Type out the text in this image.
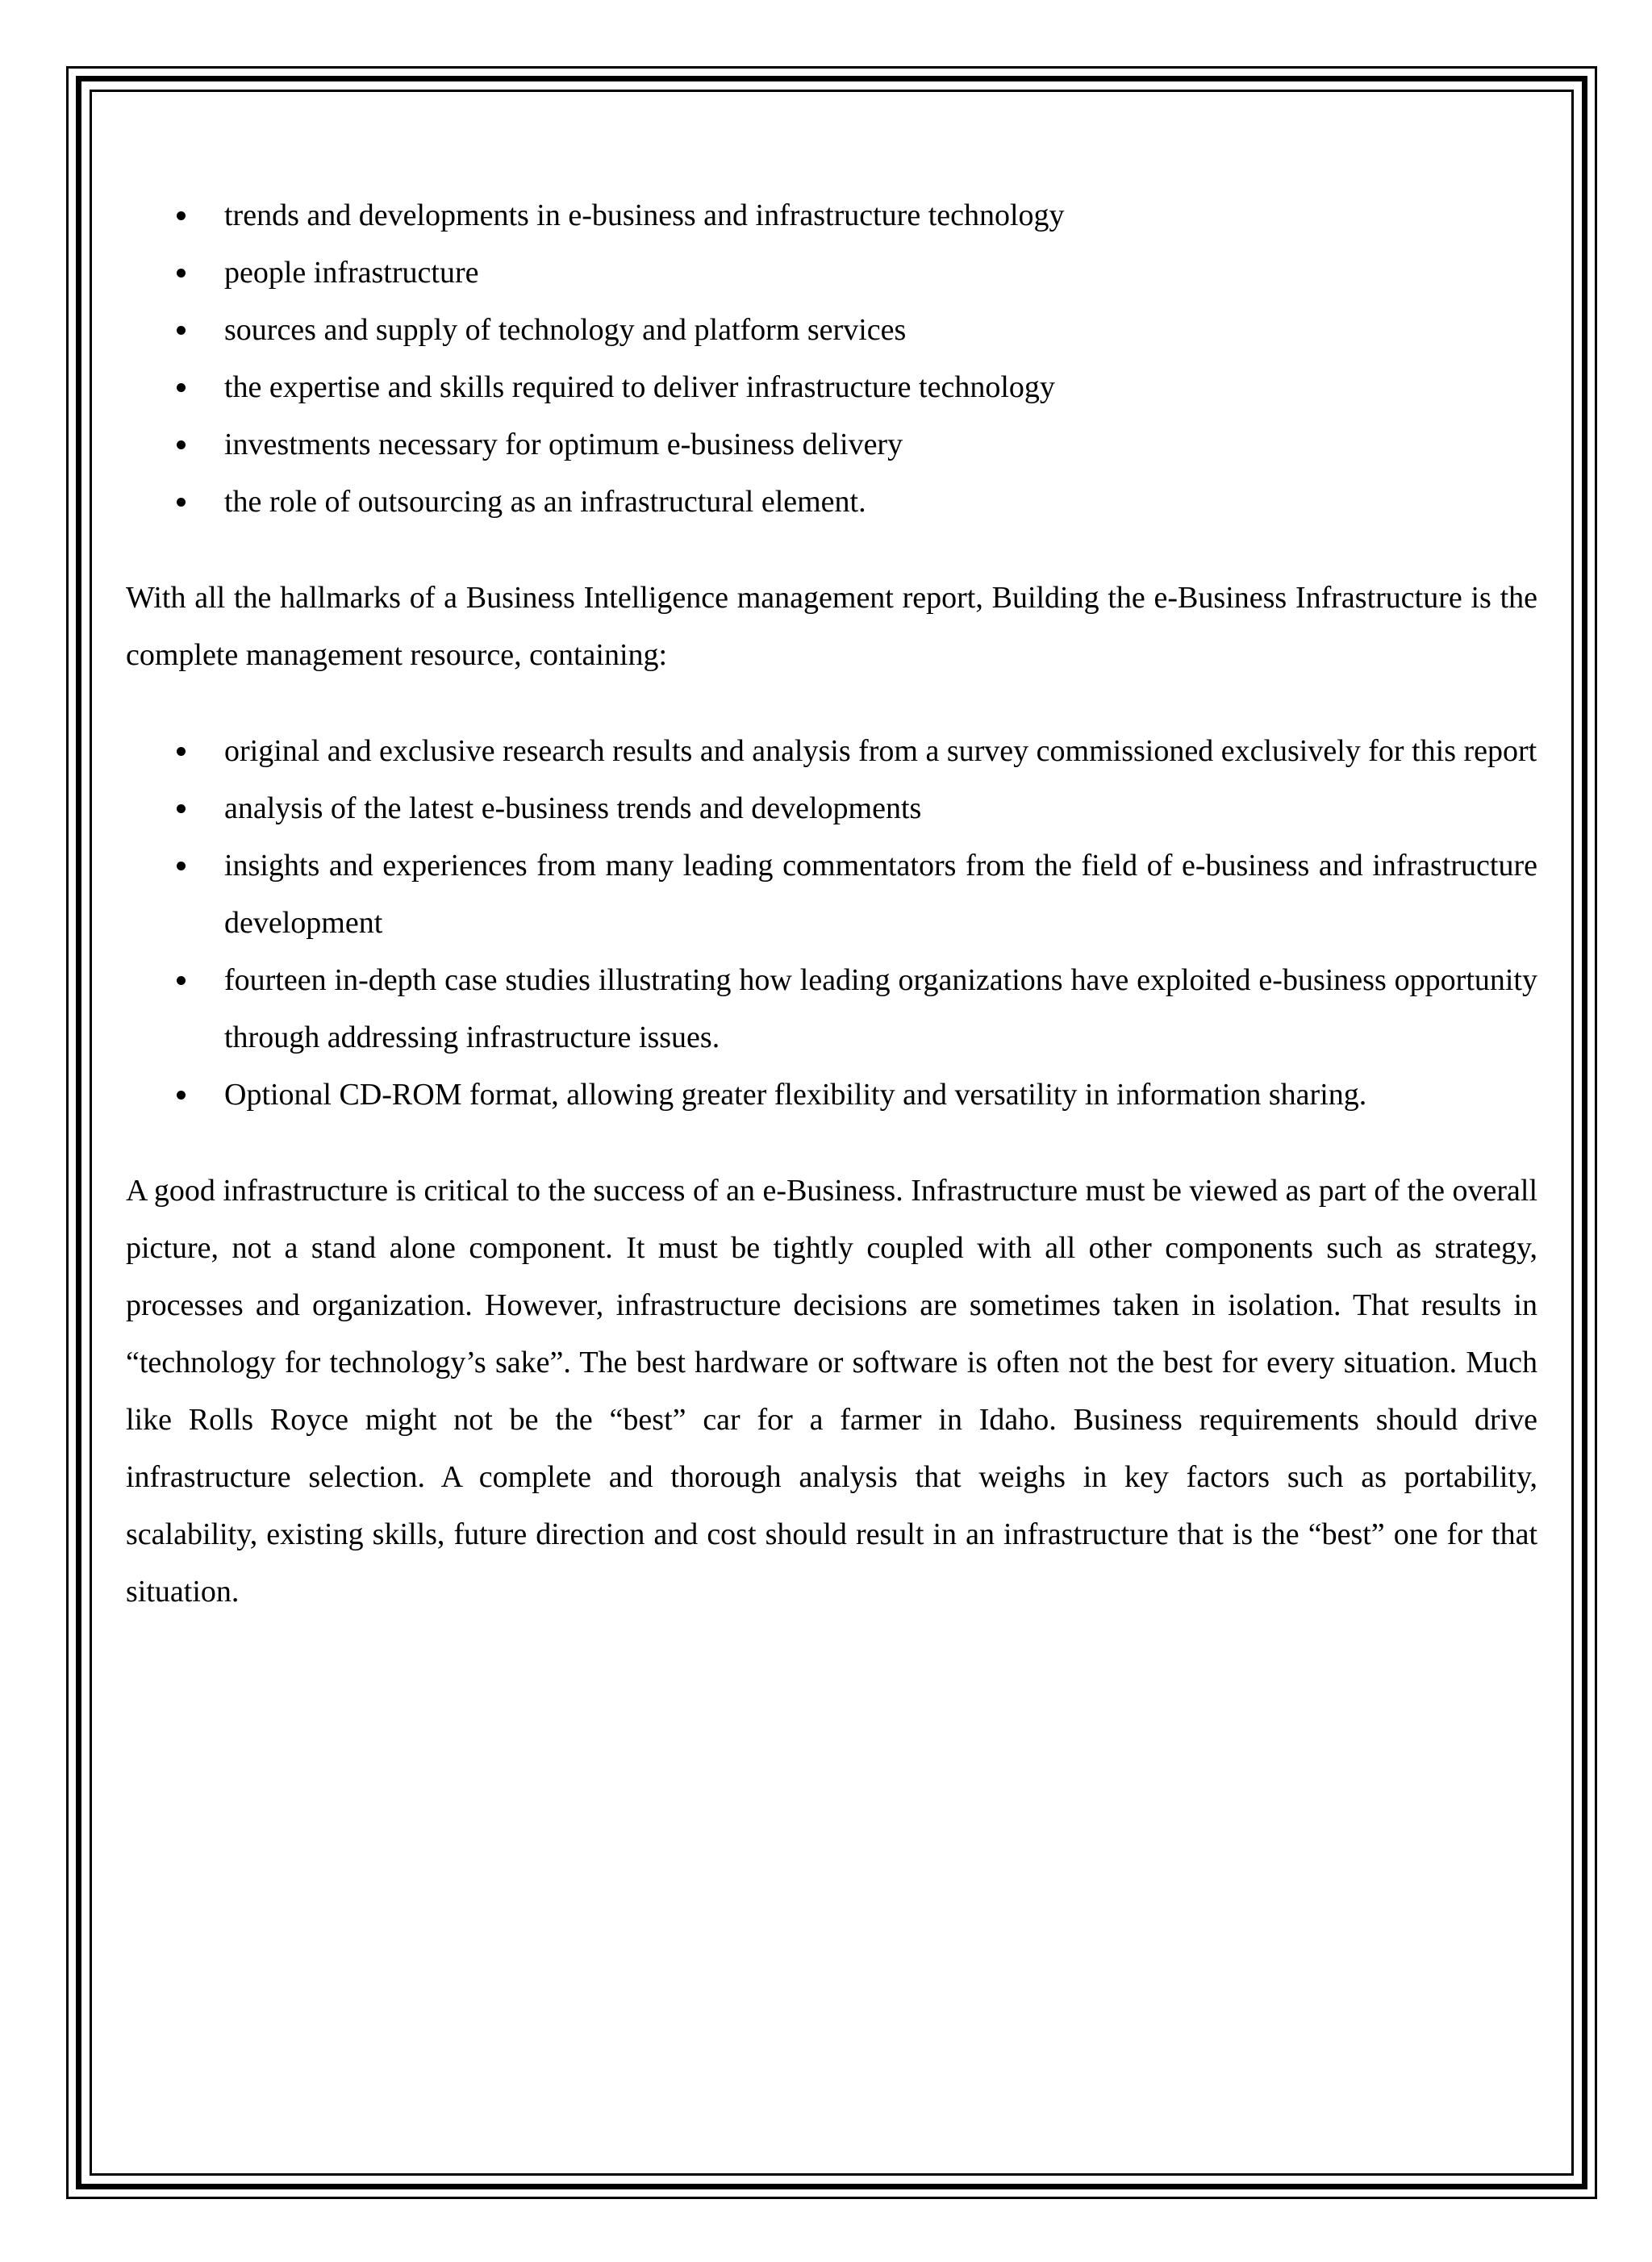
trends and developments in e-business and infrastructure technology
people infrastructure
sources and supply of technology and platform services
the expertise and skills required to deliver infrastructure technology
investments necessary for optimum e-business delivery
the role of outsourcing as an infrastructural element.

With all the hallmarks of a Business Intelligence management report, Building the e-Business Infrastructure is the complete management resource, containing:

original and exclusive research results and analysis from a survey commissioned exclusively for this report
analysis of the latest e-business trends and developments
insights and experiences from many leading commentators from the field of e-business and infrastructure development
fourteen in-depth case studies illustrating how leading organizations have exploited e-business opportunity through addressing infrastructure issues.
Optional CD-ROM format, allowing greater flexibility and versatility in information sharing.

A good infrastructure is critical to the success of an e-Business. Infrastructure must be viewed as part of the overall picture, not a stand alone component. It must be tightly coupled with all other components such as strategy, processes and organization. However, infrastructure decisions are sometimes taken in isolation. That results in “technology for technology’s sake”. The best hardware or software is often not the best for every situation. Much like Rolls Royce might not be the “best” car for a farmer in Idaho. Business requirements should drive infrastructure selection. A complete and thorough analysis that weighs in key factors such as portability, scalability, existing skills, future direction and cost should result in an infrastructure that is the “best” one for that situation.
